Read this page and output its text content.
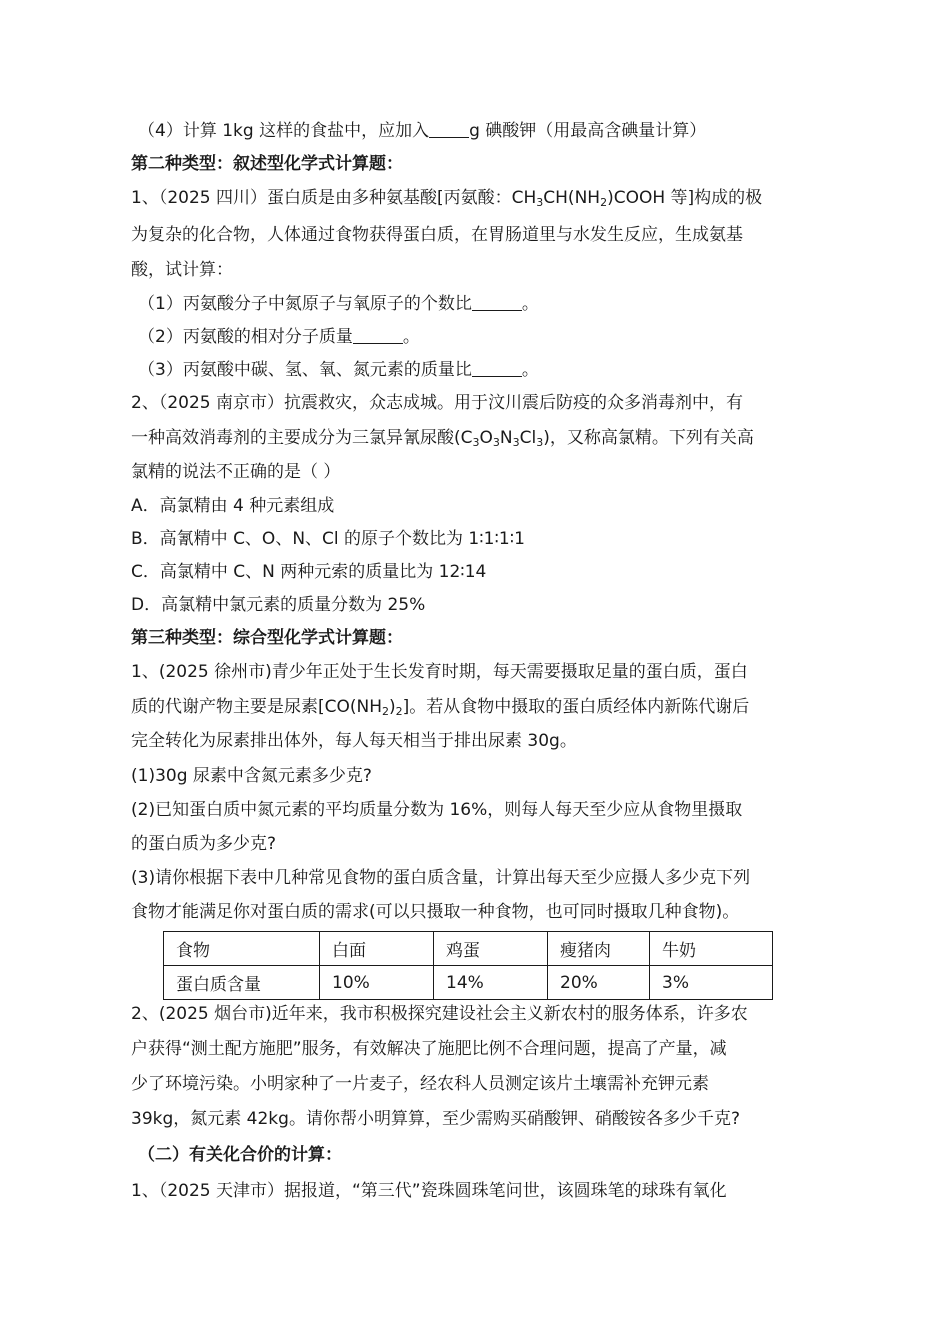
（4）计算 1kg 这样的食盐中，应加入 g 碘酸钾（用最高含碘量计算）
第二种类型：叙述型化学式计算题：
1、（2025 四川）蛋白质是由多种氨基酸[丙氨酸：$CH_3CH(NH_2)COOH$ 等]构成的极
为复杂的化合物，人体通过食物获得蛋白质，在胃肠道里与水发生反应，生成氨基
酸，试计算：
（1）丙氨酸分子中氮原子与氧原子的个数比	。
（2）丙氨酸的相对分子质量	。
（3）丙氨酸中碳、氢、氧、氮元素的质量比	。
2、（2025 南京市）抗震救灾，众志成城。用于汶川震后防疫的众多消毒剂中，有
一种高效消毒剂的主要成分为三氯异氰尿酸$(C_3O_3N_3Cl_3)$，又称高氯精。下列有关高
氯精的说法不正确的是（ ）
A．高氯精由 4 种元素组成
B．高氰精中 C、O、N、Cl 的原子个数比为 1∶1∶1∶1
C．高氯精中 C、N 两种元索的质量比为 12∶14
D．高氯精中氯元素的质量分数为 25%
第三种类型：综合型化学式计算题：
1、(2025 徐州市)青少年正处于生长发育时期，每天需要摄取足量的蛋白质，蛋白
质的代谢产物主要是尿素$[CO(NH_2)_2]$。若从食物中摄取的蛋白质经体内新陈代谢后
完全转化为尿素排出体外，每人每天相当于排出尿素 30g。
(1)30g 尿素中含氮元素多少克?
(2)已知蛋白质中氮元素的平均质量分数为 16%，则每人每天至少应从食物里摄取
的蛋白质为多少克?
(3)请你根据下表中几种常见食物的蛋白质含量，计算出每天至少应摄人多少克下列
食物才能满足你对蛋白质的需求(可以只摄取一种食物，也可同时摄取几种食物)。
食物	白面	鸡蛋	瘦猪肉	牛奶
蛋白质含量	10%	14%	20%	3%
2、(2025 烟台市)近年来，我市积极探究建设社会主义新农村的服务体系，许多农
户获得“测土配方施肥”服务，有效解决了施肥比例不合理问题，提高了产量，减
少了环境污染。小明家种了一片麦子，经农科人员测定该片土壤需补充钾元素
39kg，氮元素 42kg。请你帮小明算算，至少需购买硝酸钾、硝酸铵各多少千克?
（二）有关化合价的计算：
1、（2025 天津市）据报道，“第三代”瓷珠圆珠笔问世，该圆珠笔的球珠有氧化
